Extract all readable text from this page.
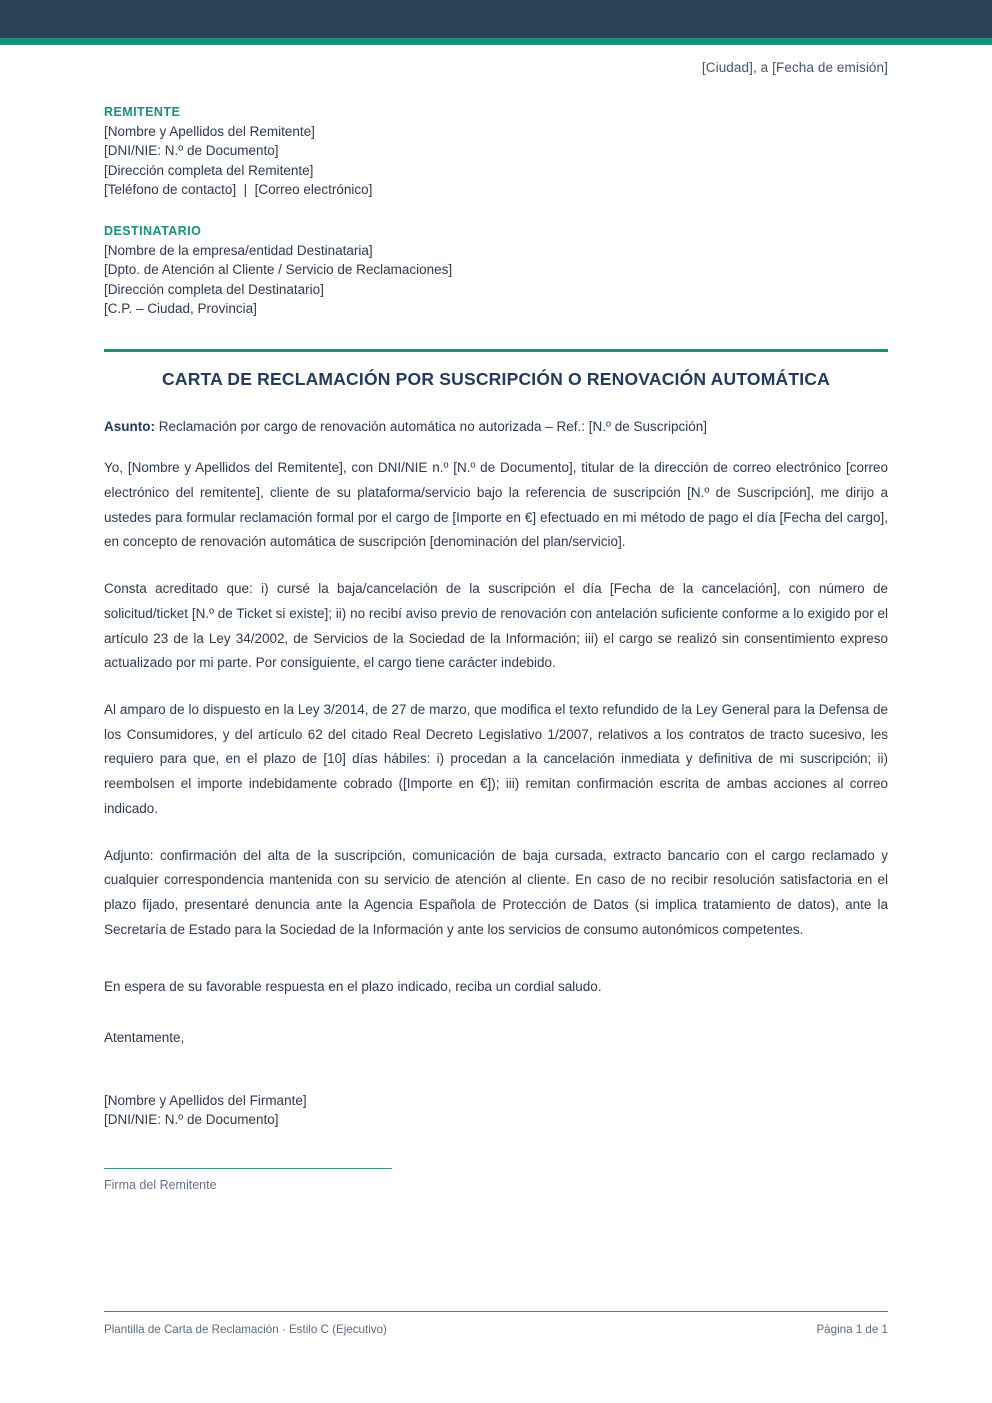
[Ciudad], a [Fecha de emisión]
REMITENTE
[Nombre y Apellidos del Remitente]
[DNI/NIE: N.º de Documento]
[Dirección completa del Remitente]
[Teléfono de contacto]  |  [Correo electrónico]
DESTINATARIO
[Nombre de la empresa/entidad Destinataria]
[Dpto. de Atención al Cliente / Servicio de Reclamaciones]
[Dirección completa del Destinatario]
[C.P. – Ciudad, Provincia]
CARTA DE RECLAMACIÓN POR SUSCRIPCIÓN O RENOVACIÓN AUTOMÁTICA
Asunto: Reclamación por cargo de renovación automática no autorizada – Ref.: [N.º de Suscripción]
Yo, [Nombre y Apellidos del Remitente], con DNI/NIE n.º [N.º de Documento], titular de la dirección de correo electrónico [correo electrónico del remitente], cliente de su plataforma/servicio bajo la referencia de suscripción [N.º de Suscripción], me dirijo a ustedes para formular reclamación formal por el cargo de [Importe en €] efectuado en mi método de pago el día [Fecha del cargo], en concepto de renovación automática de suscripción [denominación del plan/servicio].
Consta acreditado que: i) cursé la baja/cancelación de la suscripción el día [Fecha de la cancelación], con número de solicitud/ticket [N.º de Ticket si existe]; ii) no recibí aviso previo de renovación con antelación suficiente conforme a lo exigido por el artículo 23 de la Ley 34/2002, de Servicios de la Sociedad de la Información; iii) el cargo se realizó sin consentimiento expreso actualizado por mi parte. Por consiguiente, el cargo tiene carácter indebido.
Al amparo de lo dispuesto en la Ley 3/2014, de 27 de marzo, que modifica el texto refundido de la Ley General para la Defensa de los Consumidores, y del artículo 62 del citado Real Decreto Legislativo 1/2007, relativos a los contratos de tracto sucesivo, les requiero para que, en el plazo de [10] días hábiles: i) procedan a la cancelación inmediata y definitiva de mi suscripción; ii) reembolsen el importe indebidamente cobrado ([Importe en €]); iii) remitan confirmación escrita de ambas acciones al correo indicado.
Adjunto: confirmación del alta de la suscripción, comunicación de baja cursada, extracto bancario con el cargo reclamado y cualquier correspondencia mantenida con su servicio de atención al cliente. En caso de no recibir resolución satisfactoria en el plazo fijado, presentaré denuncia ante la Agencia Española de Protección de Datos (si implica tratamiento de datos), ante la Secretaría de Estado para la Sociedad de la Información y ante los servicios de consumo autonómicos competentes.
En espera de su favorable respuesta en el plazo indicado, reciba un cordial saludo.
Atentamente,
[Nombre y Apellidos del Firmante]
[DNI/NIE: N.º de Documento]
Firma del Remitente
Plantilla de Carta de Reclamación · Estilo C (Ejecutivo)	Página 1 de 1
